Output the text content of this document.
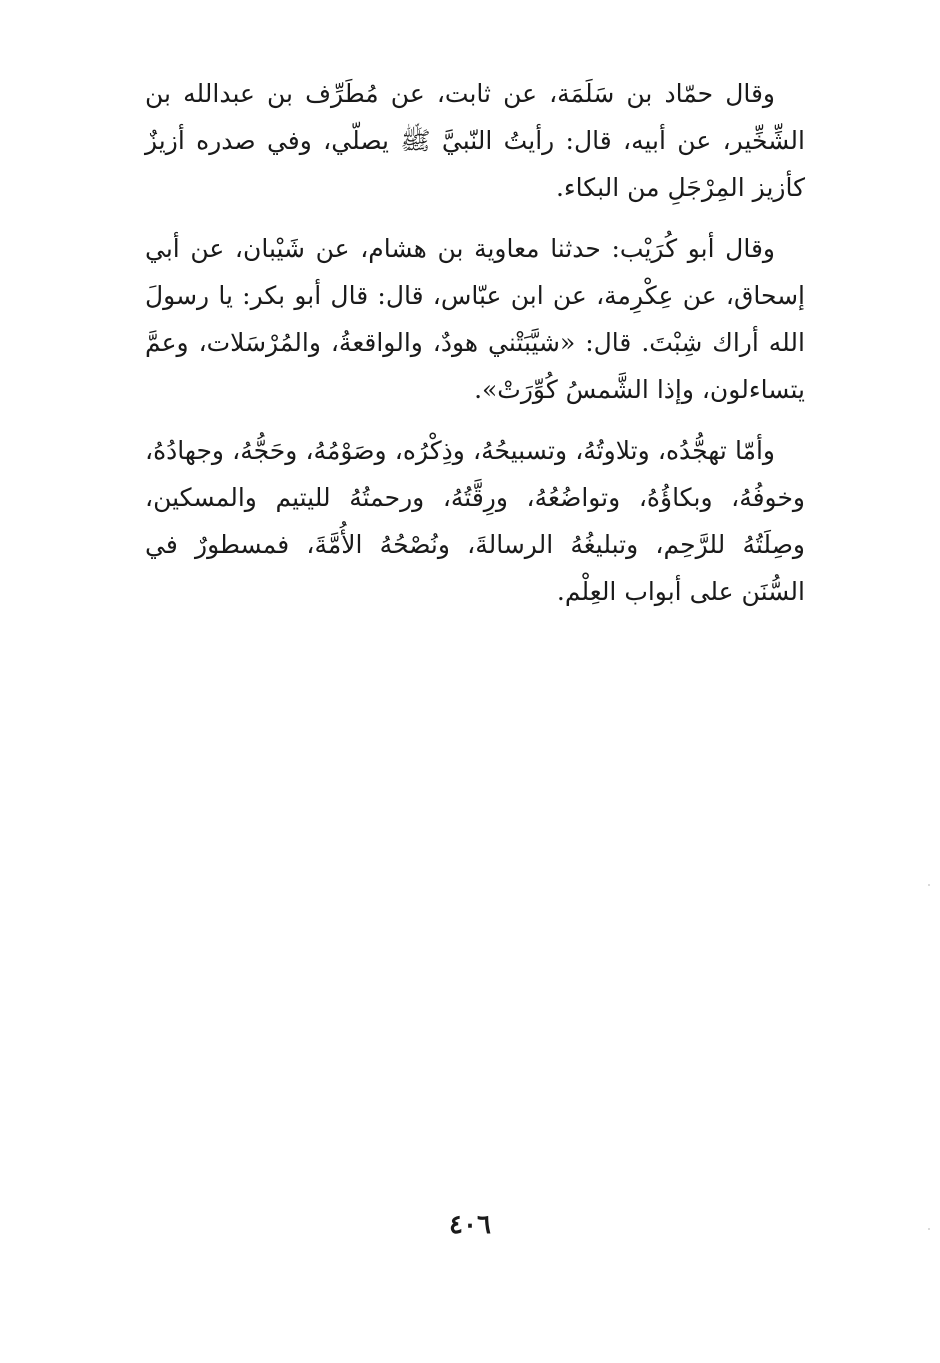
وقال حمّاد بن سَلَمَة، عن ثابت، عن مُطَرِّف بن عبدالله بن الشِّخِّير، عن أبيه، قال: رأيتُ النّبيَّ ﷺ يصلّي، وفي صدره أزيزٌ كأزيز المِرْجَلِ من البكاء.

وقال أبو كُرَيْب: حدثنا معاوية بن هشام، عن شَيْبان، عن أبي إسحاق، عن عِكْرِمة، عن ابن عبّاس، قال: قال أبو بكر: يا رسولَ الله أراك شِبْتَ. قال: «شيَّبَتْني هودٌ، والواقعةُ، والمُرْسَلات، وعمَّ يتساءلون، وإذا الشَّمسُ كُوِّرَتْ».

وأمّا تهجُّدُه، وتلاوتُهُ، وتسبيحُهُ، وذِكْرُه، وصَوْمُهُ، وحَجُّهُ، وجهادُهُ، وخوفُهُ، وبكاؤُهُ، وتواضُعُهُ، ورِقَّتُهُ، ورحمتُهُ لليتيم والمسكين، وصِلَتُهُ للرَّحِم، وتبليغُهُ الرسالةَ، ونُصْحُهُ الأُمَّةَ، فمسطورٌ في السُّنَن على أبواب العِلْم.

٤٠٦
